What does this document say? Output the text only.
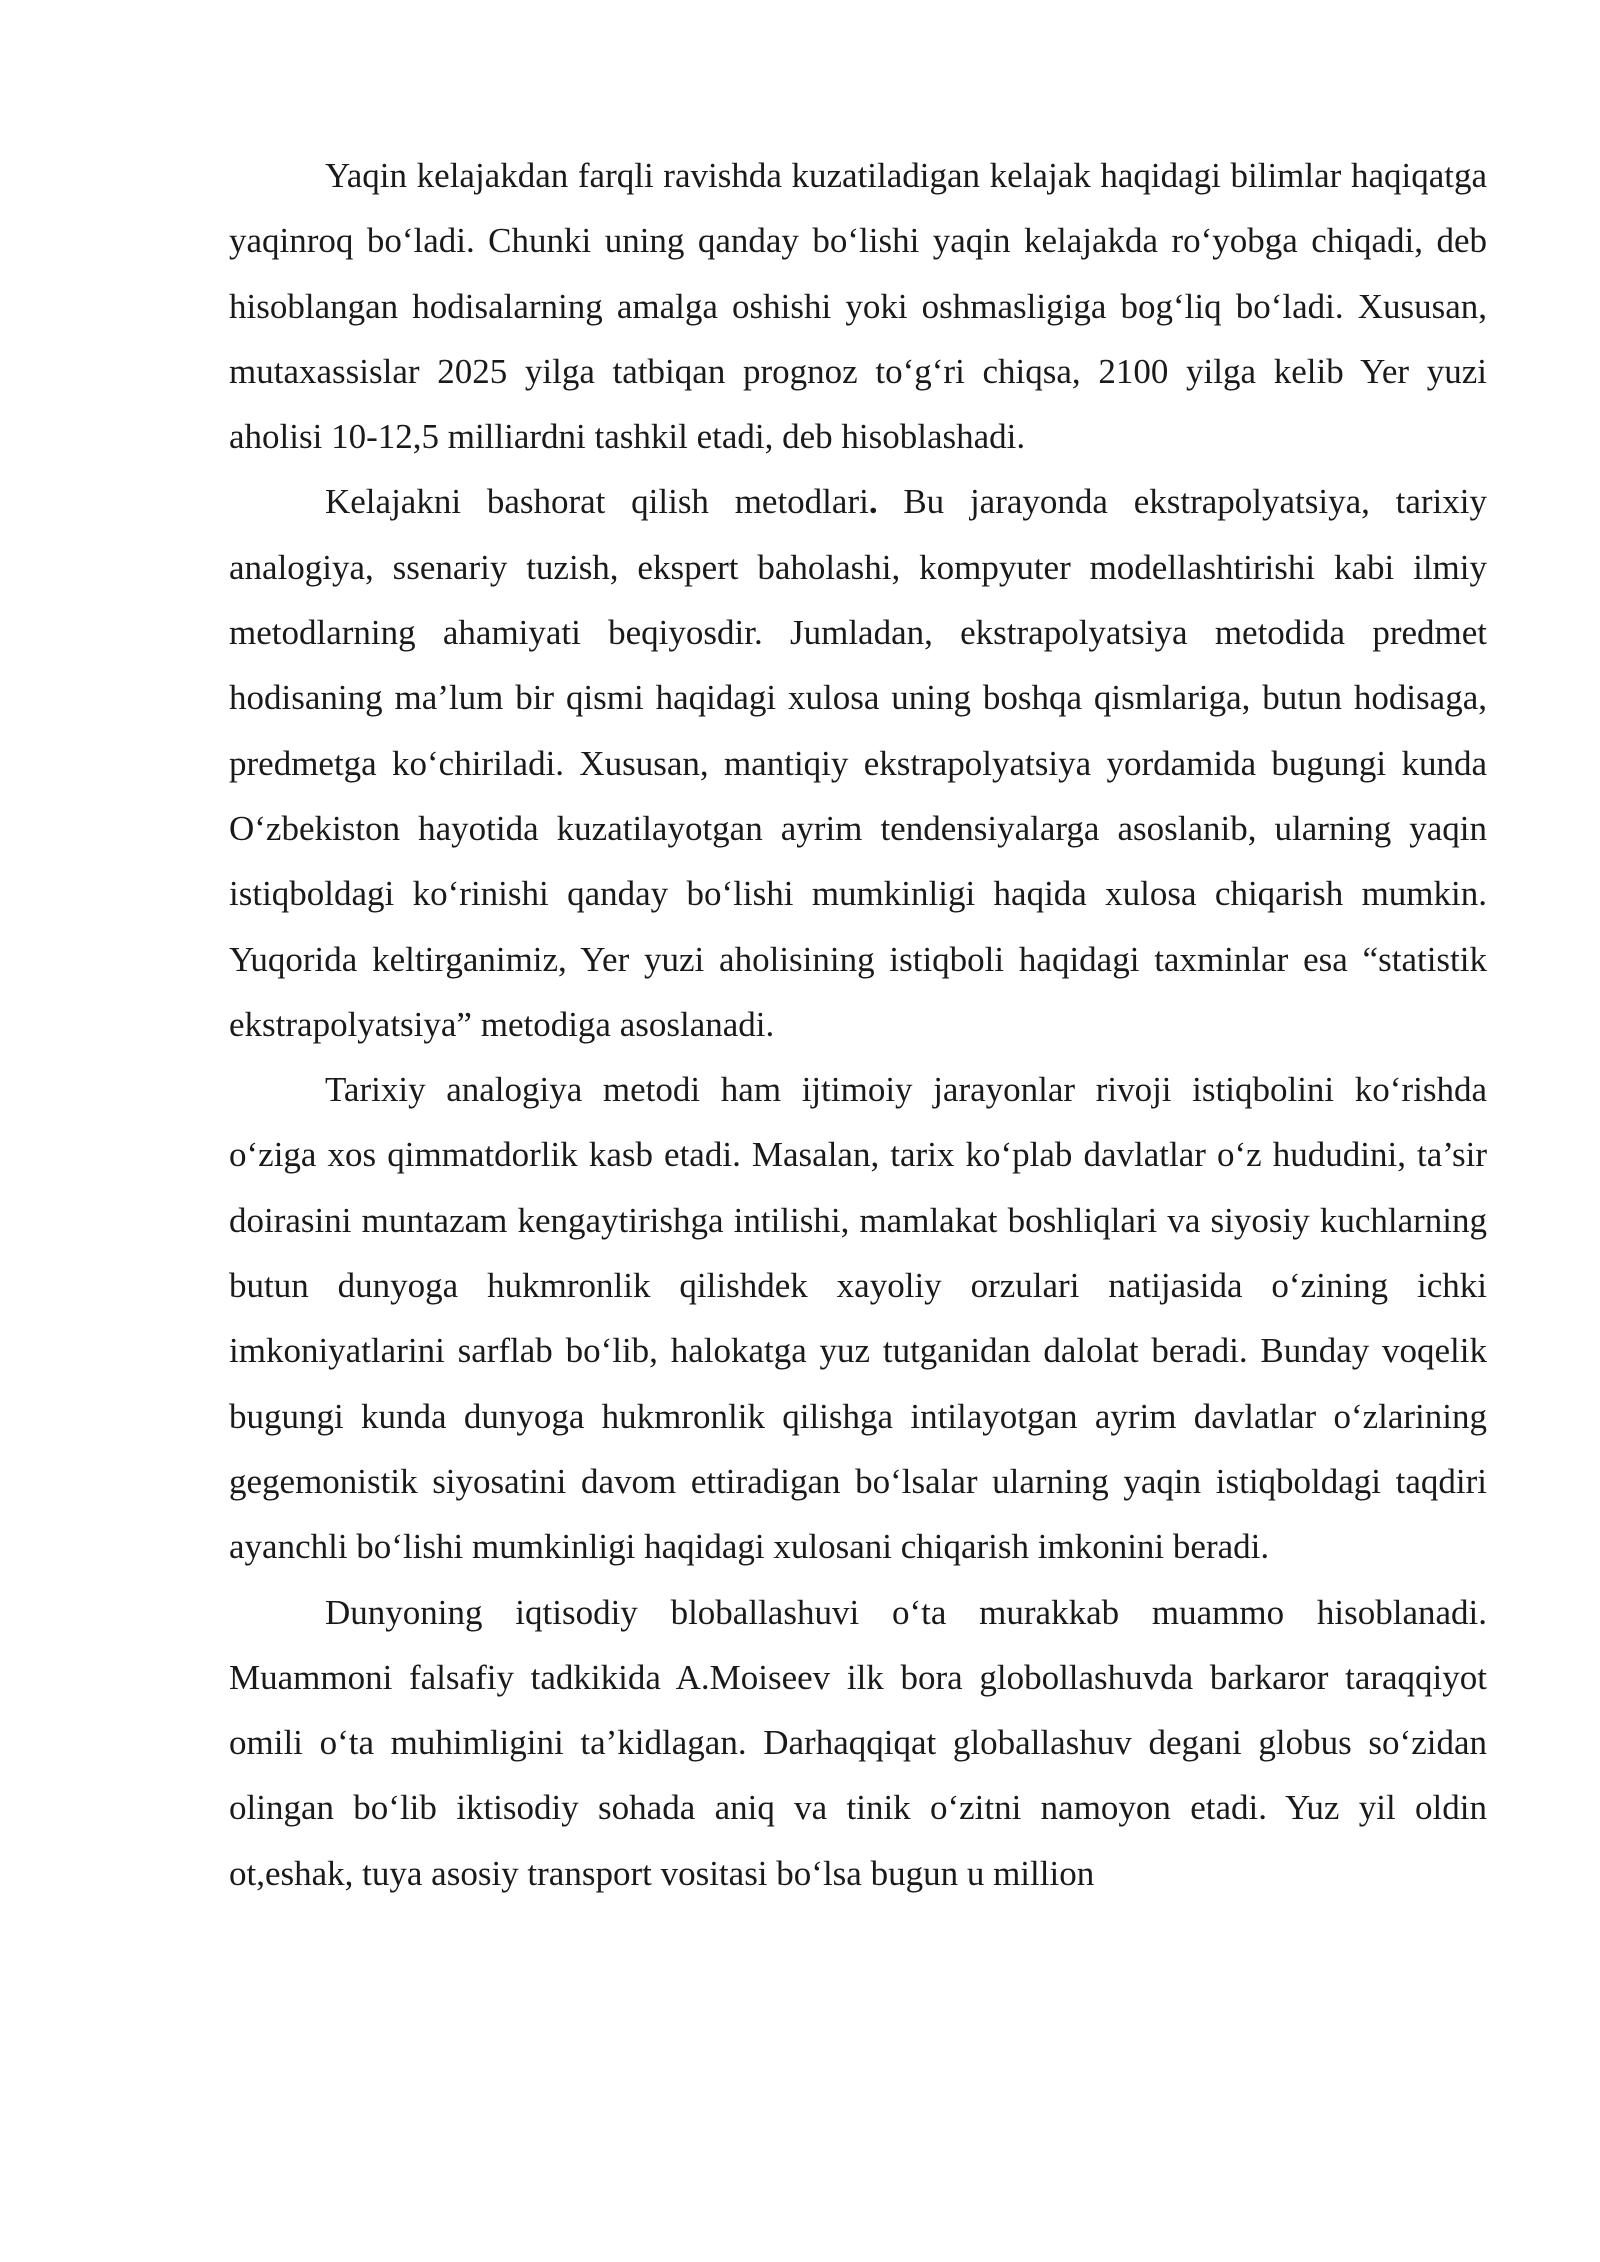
Yaqin kelajakdan farqli ravishda kuzatiladigan kelajak haqidagi bilimlar haqiqatga yaqinroq bo‘ladi. Chunki uning qanday bo‘lishi yaqin kelajakda ro‘yobga chiqadi, deb hisoblangan hodisalarning amalga oshishi yoki oshmasligiga bog‘liq bo‘ladi. Xususan, mutaxassislar 2025 yilga tatbiqan prognoz to‘g‘ri chiqsa, 2100 yilga kelib Yer yuzi aholisi 10-12,5 milliardni tashkil etadi, deb hisoblashadi.

Kelajakni bashorat qilish metodlari. Bu jarayonda ekstrapolyatsiya, tarixiy analogiya, ssenariy tuzish, ekspert baholashi, kompyuter modellashtirishi kabi ilmiy metodlarning ahamiyati beqiyosdir. Jumladan, ekstrapolyatsiya metodida predmet hodisaning ma’lum bir qismi haqidagi xulosa uning boshqa qismlariga, butun hodisaga, predmetga ko‘chiriladi. Xususan, mantiqiy ekstrapolyatsiya yordamida bugungi kunda O‘zbekiston hayotida kuzatilayotgan ayrim tendensiyalarga asoslanib, ularning yaqin istiqboldagi ko‘rinishi qanday bo‘lishi mumkinligi haqida xulosa chiqarish mumkin. Yuqorida keltirganimiz, Yer yuzi aholisining istiqboli haqidagi taxminlar esa “statistik ekstrapolyatsiya” metodiga asoslanadi.

Tarixiy analogiya metodi ham ijtimoiy jarayonlar rivoji istiqbolini ko‘rishda o‘ziga xos qimmatdorlik kasb etadi. Masalan, tarix ko‘plab davlatlar o‘z hududini, ta’sir doirasini muntazam kengaytirishga intilishi, mamlakat boshliqlari va siyosiy kuchlarning butun dunyoga hukmronlik qilishdek xayoliy orzulari natijasida o‘zining ichki imkoniyatlarini sarflab bo‘lib, halokatga yuz tutganidan dalolat beradi. Bunday voqelik bugungi kunda dunyoga hukmronlik qilishga intilayotgan ayrim davlatlar o‘zlarining gegemonistik siyosatini davom ettiradigan bo‘lsalar ularning yaqin istiqboldagi taqdiri ayanchli bo‘lishi mumkinligi haqidagi xulosani chiqarish imkonini beradi.

Dunyoning iqtisodiy bloballashuvi o‘ta murakkab muammo hisoblanadi. Muammoni falsafiy tadkikida A.Moiseev ilk bora globollashuvda barkaror taraqqiyot omili o‘ta muhimligini ta’kidlagan. Darhaqqiqat globallashuv degani globus so‘zidan olingan bo‘lib iktisodiy sohada aniq va tinik o‘zitni namoyon etadi. Yuz yil oldin ot,eshak, tuya asosiy transport vositasi bo‘lsa bugun u million
